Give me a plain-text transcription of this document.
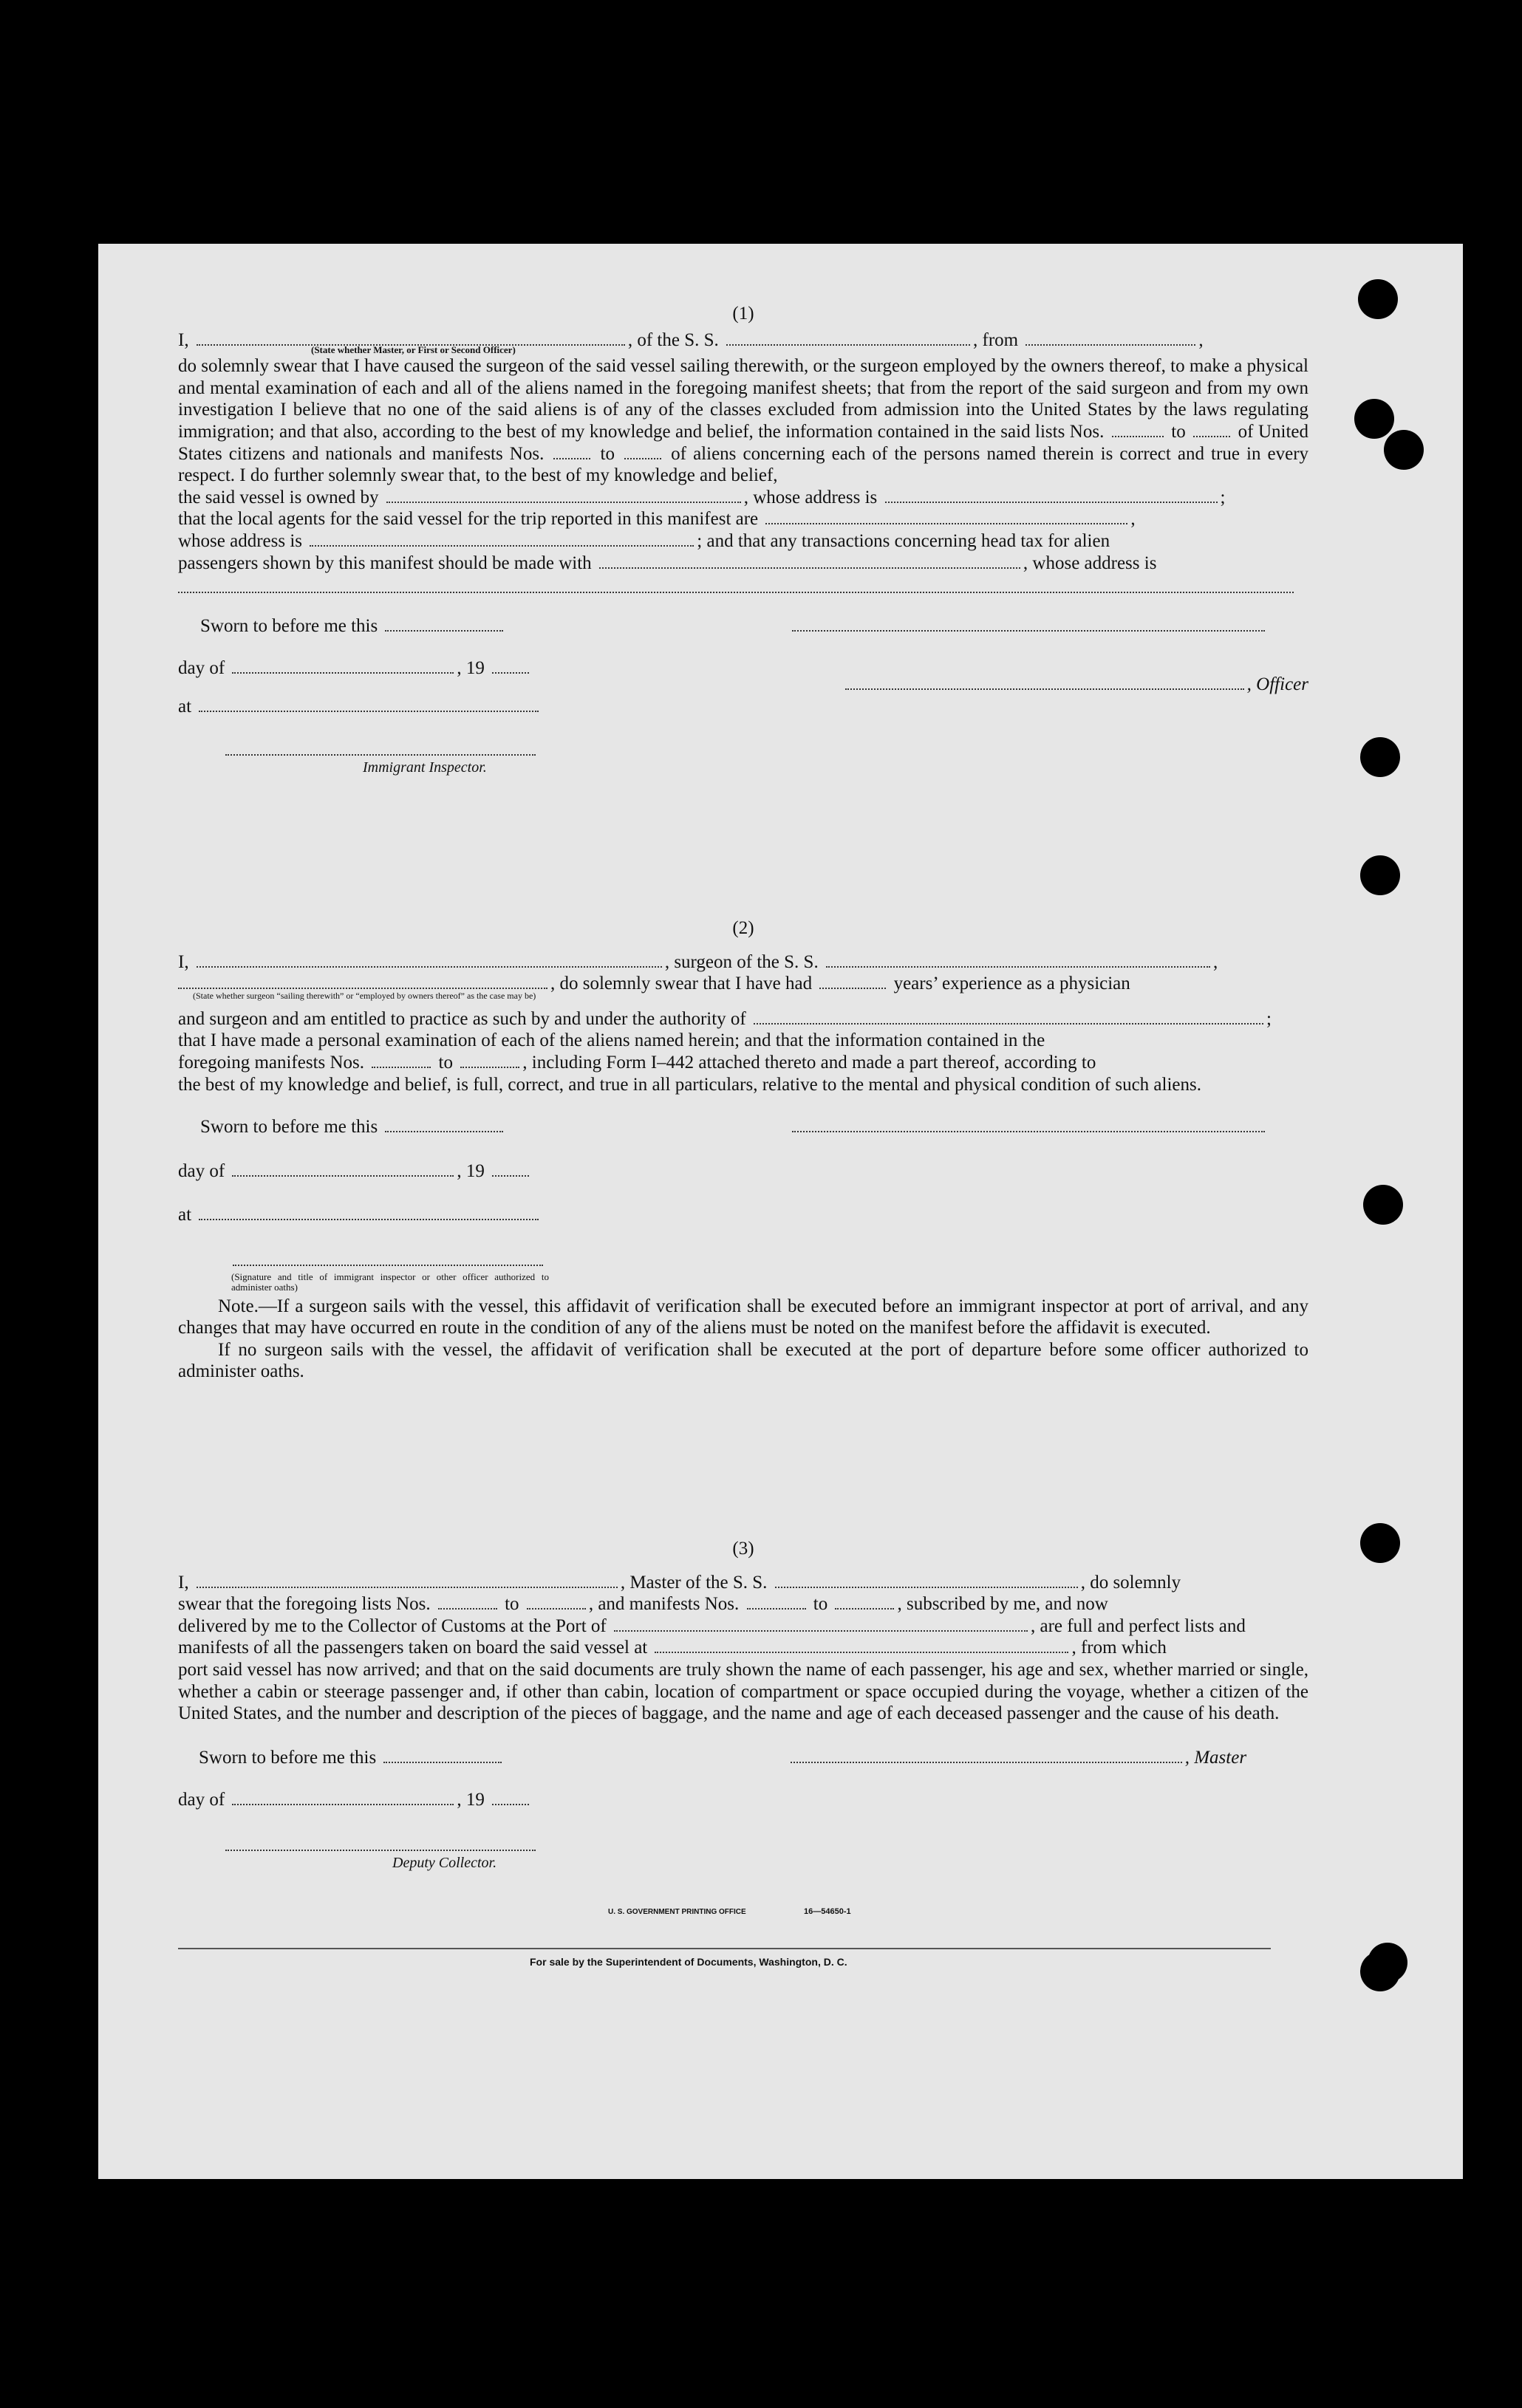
(1)

I,	, of the S. S.	, from	,

(State whether Master, or First or Second Officer)

do solemnly swear that I have caused the surgeon of the said vessel sailing therewith, or the surgeon employed by the owners thereof, to make a physical and mental examination of each and all of the aliens named in the foregoing manifest sheets; that from the report of the said surgeon and from my own investigation I believe that no one of the said aliens is of any of the classes excluded from admission into the United States by the laws regulating immigration; and that also, according to the best of my knowledge and belief, the information contained in the said lists Nos.	to	of United States citizens and nationals and manifests Nos.	to	of aliens concerning each of the persons named therein is correct and true in every respect. I do further solemnly swear that, to the best of my knowledge and belief,

the said vessel is owned by	, whose address is	;

that the local agents for the said vessel for the trip reported in this manifest are	,

whose address is	; and that any transactions concerning head tax for alien

passengers shown by this manifest should be made with	, whose address is

Sworn to before me this

day of	, 19

, Officer

at

Immigrant Inspector.

(2)

I,	, surgeon of the S. S.	,

, do solemnly swear that I have had	years’ experience as a physician

(State whether surgeon “sailing therewith” or “employed by owners thereof” as the case may be)

and surgeon and am entitled to practice as such by and under the authority of	;

that I have made a personal examination of each of the aliens named herein; and that the information contained in the

foregoing manifests Nos.	to	, including Form I–442 attached thereto and made a part thereof, according to

the best of my knowledge and belief, is full, correct, and true in all particulars, relative to the mental and physical condition of such aliens.

Sworn to before me this

day of	, 19

at

(Signature and title of immigrant inspector or other officer authorized to administer oaths)

Note.—If a surgeon sails with the vessel, this affidavit of verification shall be executed before an immigrant inspector at port of arrival, and any changes that may have occurred en route in the condition of any of the aliens must be noted on the manifest before the affidavit is executed.

If no surgeon sails with the vessel, the affidavit of verification shall be executed at the port of departure before some officer authorized to administer oaths.

(3)

I,	, Master of the S. S.	, do solemnly

swear that the foregoing lists Nos.	to	, and manifests Nos.	to	, subscribed by me, and now

delivered by me to the Collector of Customs at the Port of	, are full and perfect lists and

manifests of all the passengers taken on board the said vessel at	, from which

port said vessel has now arrived; and that on the said documents are truly shown the name of each passenger, his age and sex, whether married or single, whether a cabin or steerage passenger and, if other than cabin, location of compartment or space occupied during the voyage, whether a citizen of the United States, and the number and description of the pieces of baggage, and the name and age of each deceased passenger and the cause of his death.

Sworn to before me this	, Master

day of	, 19

Deputy Collector.

U. S. GOVERNMENT PRINTING OFFICE	16—54650-1
For sale by the Superintendent of Documents, Washington, D. C.
